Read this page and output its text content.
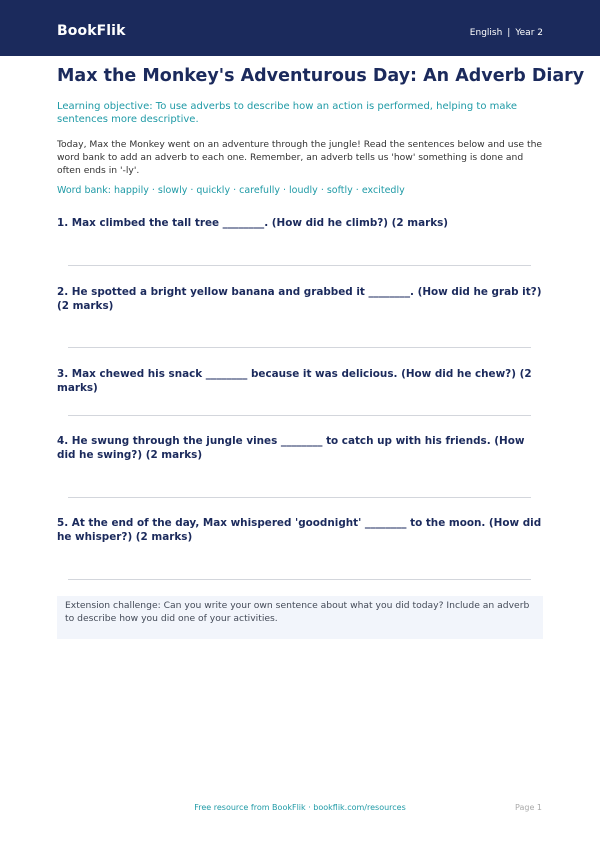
BookFlik	English | Year 2
Max the Monkey's Adventurous Day: An Adverb Diary
Learning objective: To use adverbs to describe how an action is performed, helping to make sentences more descriptive.
Today, Max the Monkey went on an adventure through the jungle! Read the sentences below and use the word bank to add an adverb to each one. Remember, an adverb tells us 'how' something is done and often ends in '-ly'.
Word bank: happily · slowly · quickly · carefully · loudly · softly · excitedly
1. Max climbed the tall tree ________. (How did he climb?) (2 marks)
2. He spotted a bright yellow banana and grabbed it ________. (How did he grab it?) (2 marks)
3. Max chewed his snack ________ because it was delicious. (How did he chew?) (2 marks)
4. He swung through the jungle vines ________ to catch up with his friends. (How did he swing?) (2 marks)
5. At the end of the day, Max whispered 'goodnight' ________ to the moon. (How did he whisper?) (2 marks)
Extension challenge: Can you write your own sentence about what you did today? Include an adverb to describe how you did one of your activities.
Free resource from BookFlik · bookflik.com/resources	Page 1
